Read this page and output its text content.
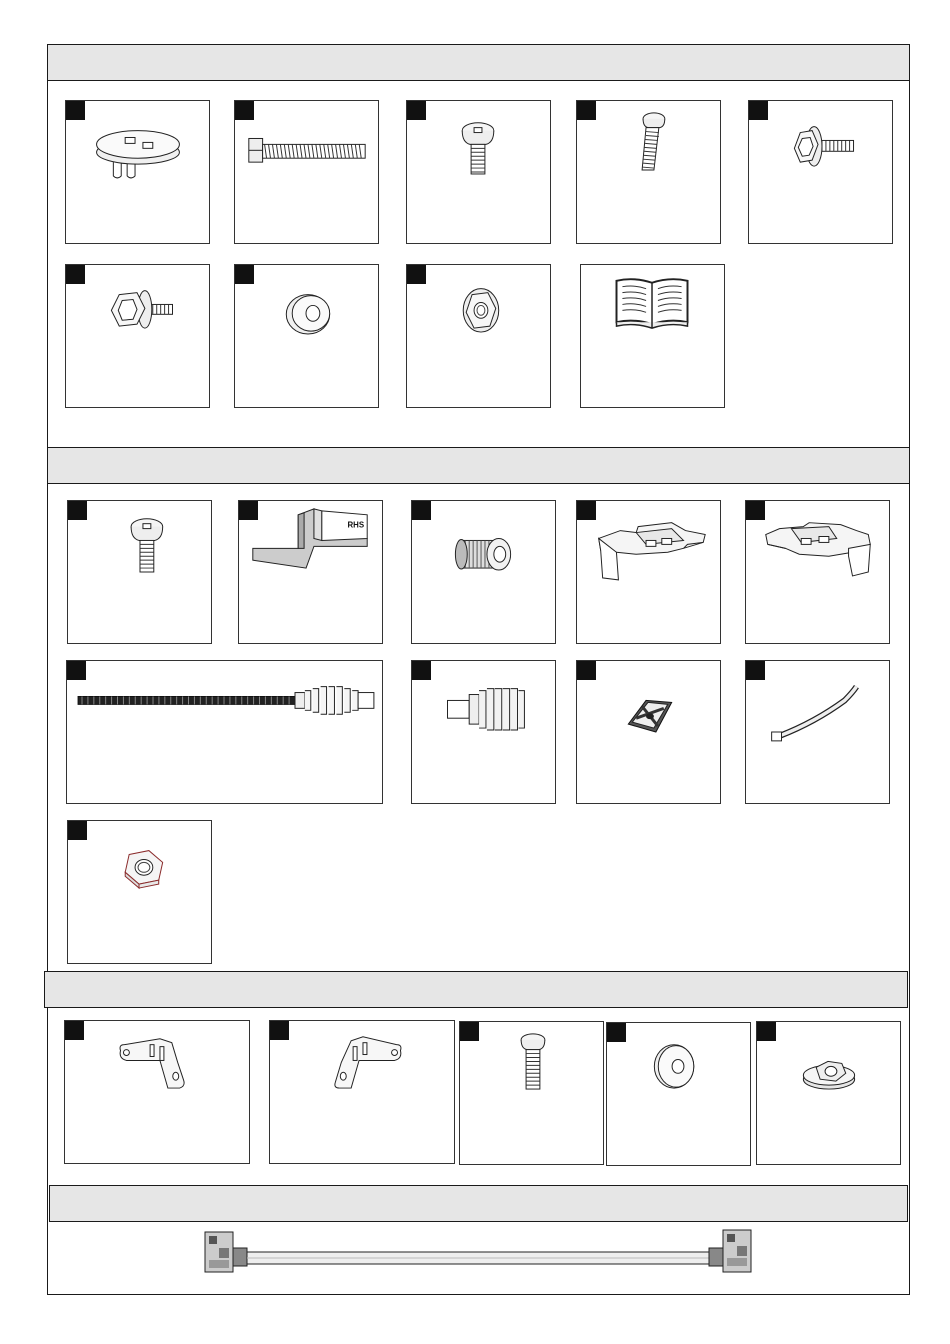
RHS
